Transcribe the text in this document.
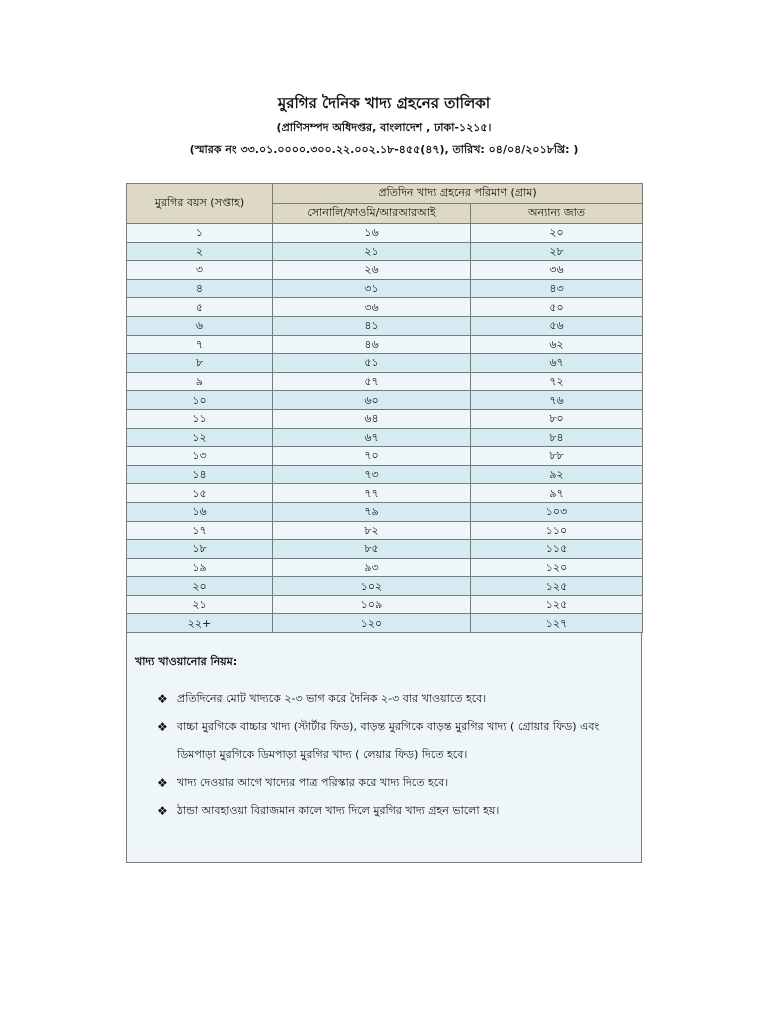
মুরগির দৈনিক খাদ্য গ্রহনের তালিকা
(প্রাণিসম্পদ অধিদপ্তর, বাংলাদেশ , ঢাকা-১২১৫।
(স্মারক নং ৩৩.০১.০০০০.৩০০.২২.০০২.১৮-৪৫৫(৪৭), তারিখ: ০৪/০৪/২০১৮খ্রি: )
মুরগির বয়স (সপ্তাহ)	প্রতিদিন খাদ্য গ্রহনের পরিমাণ (গ্রাম)	
	সোনালি/ফাওমি/আরআরআই	অন্যান্য জাত
১	১৬	২০
২	২১	২৮
৩	২৬	৩৬
৪	৩১	৪৩
৫	৩৬	৫০
৬	৪১	৫৬
৭	৪৬	৬২
৮	৫১	৬৭
৯	৫৭	৭২
১০	৬০	৭৬
১১	৬৪	৮০
১২	৬৭	৮৪
১৩	৭০	৮৮
১৪	৭৩	৯২
১৫	৭৭	৯৭
১৬	৭৯	১০৩
১৭	৮২	১১০
১৮	৮৫	১১৫
১৯	৯৩	১২০
২০	১০২	১২৫
২১	১০৯	১২৫
২২+	১২০	১২৭
খাদ্য খাওয়ানোর নিয়ম:
❖ প্রতিদিনের মোট খাদ্যকে ২-৩ ভাগ করে দৈনিক ২-৩ বার খাওয়াতে হবে।
❖ বাচ্চা মুরগিকে বাচ্চার খাদ্য (স্টার্টার ফিড), বাড়ন্ত মুরগিকে বাড়ন্ত মুরগির খাদ্য ( গ্রোয়ার ফিড) এবং ডিমপাড়া মুরগিকে ডিমপাড়া মুরগির খাদ্য ( লেয়ার ফিড) দিতে হবে।
❖ খাদ্য দেওয়ার আগে খাদ্যের পাত্র পরিস্কার করে খাদ্য দিতে হবে।
❖ ঠান্ডা আবহাওয়া বিরাজমান কালে খাদ্য দিলে মুরগির খাদ্য গ্রহন ভালো হয়।
